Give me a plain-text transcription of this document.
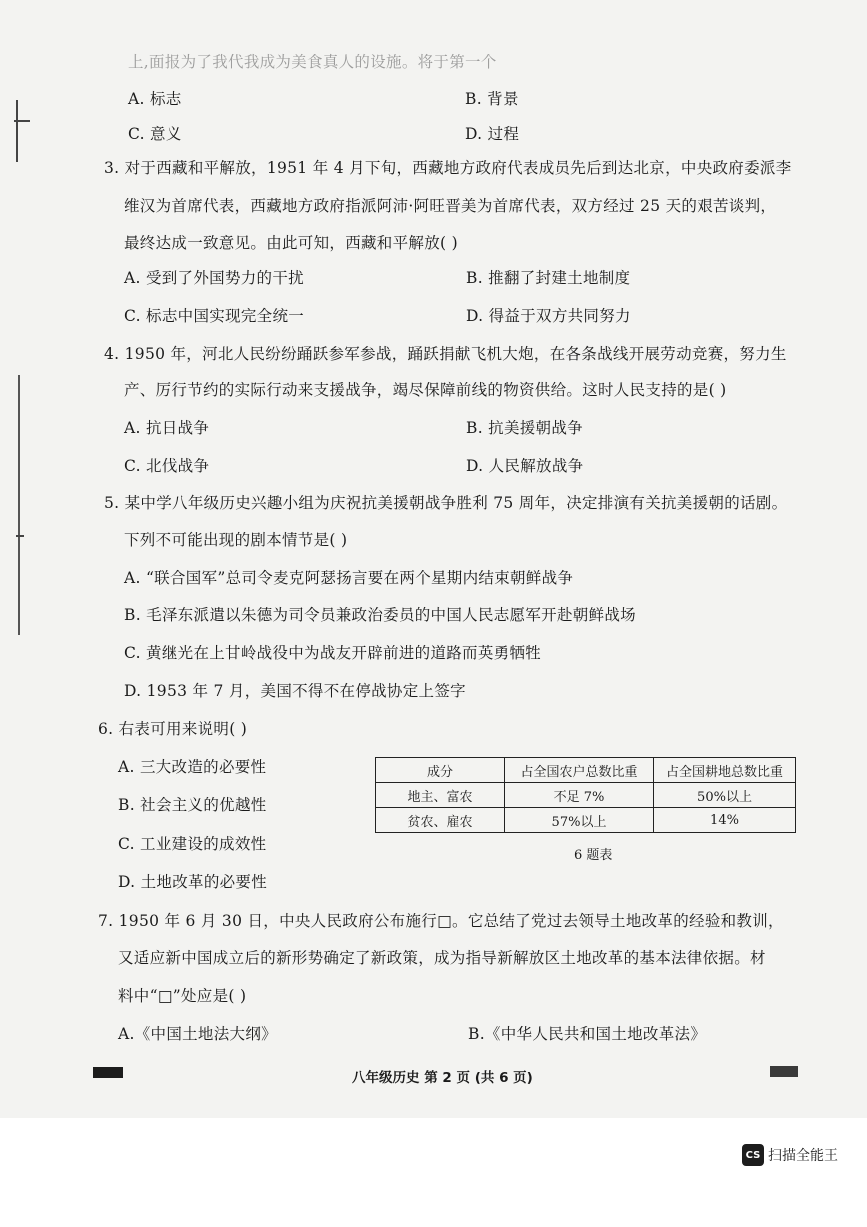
上,面报为了我代我成为美食真人的设施。将于第一个
A. 标志	B. 背景
C. 意义	D. 过程
3. 对于西藏和平解放，1951 年 4 月下旬，西藏地方政府代表成员先后到达北京，中央政府委派李
维汉为首席代表，西藏地方政府指派阿沛·阿旺晋美为首席代表，双方经过 25 天的艰苦谈判，
最终达成一致意见。由此可知，西藏和平解放( )
A. 受到了外国势力的干扰	B. 推翻了封建土地制度
C. 标志中国实现完全统一	D. 得益于双方共同努力
4. 1950 年，河北人民纷纷踊跃参军参战，踊跃捐献飞机大炮，在各条战线开展劳动竞赛，努力生
产、厉行节约的实际行动来支援战争，竭尽保障前线的物资供给。这时人民支持的是( )
A. 抗日战争	B. 抗美援朝战争
C. 北伐战争	D. 人民解放战争
5. 某中学八年级历史兴趣小组为庆祝抗美援朝战争胜利 75 周年，决定排演有关抗美援朝的话剧。
下列不可能出现的剧本情节是( )
A. “联合国军”总司令麦克阿瑟扬言要在两个星期内结束朝鲜战争
B. 毛泽东派遣以朱德为司令员兼政治委员的中国人民志愿军开赴朝鲜战场
C. 黄继光在上甘岭战役中为战友开辟前进的道路而英勇牺牲
D. 1953 年 7 月，美国不得不在停战协定上签字
6. 右表可用来说明( )
A. 三大改造的必要性
B. 社会主义的优越性
C. 工业建设的成效性
D. 土地改革的必要性
成分	占全国农户总数比重	占全国耕地总数比重
地主、富农	不足 7%	50%以上
贫农、雇农	57%以上	14%
6 题表
7. 1950 年 6 月 30 日，中央人民政府公布施行□。它总结了党过去领导土地改革的经验和教训，
又适应新中国成立后的新形势确定了新政策，成为指导新解放区土地改革的基本法律依据。材
料中“□”处应是( )
A.《中国土地法大纲》	B.《中华人民共和国土地改革法》
八年级历史 第 2 页 (共 6 页)
CS 扫描全能王
